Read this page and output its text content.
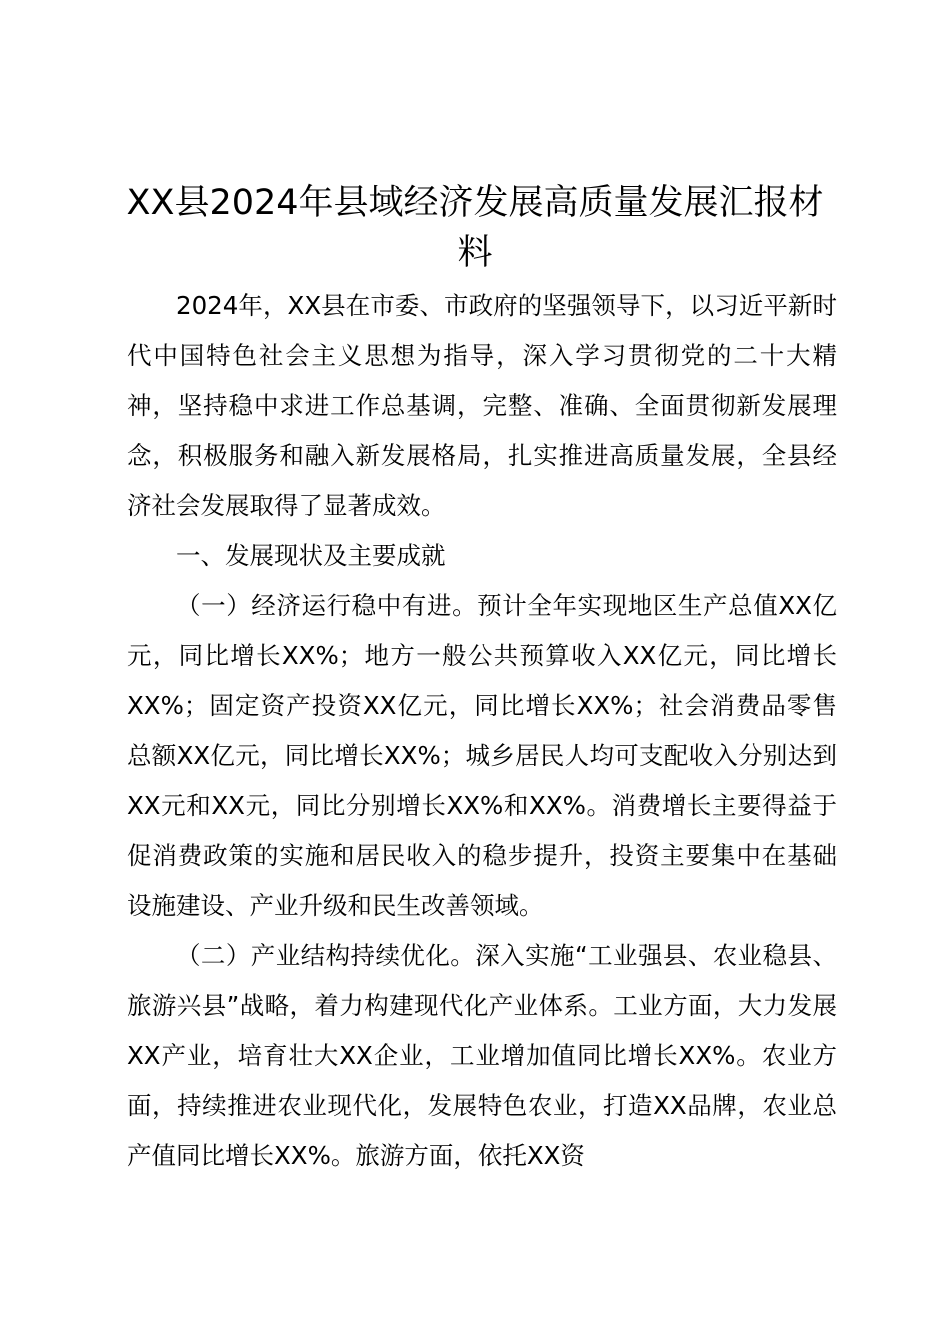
XX县2024年县域经济发展高质量发展汇报材料

2024年，XX县在市委、市政府的坚强领导下，以习近平新时代中国特色社会主义思想为指导，深入学习贯彻党的二十大精神，坚持稳中求进工作总基调，完整、准确、全面贯彻新发展理念，积极服务和融入新发展格局，扎实推进高质量发展，全县经济社会发展取得了显著成效。

一、发展现状及主要成就

（一）经济运行稳中有进。预计全年实现地区生产总值XX亿元，同比增长XX%；地方一般公共预算收入XX亿元，同比增长XX%；固定资产投资XX亿元，同比增长XX%；社会消费品零售总额XX亿元，同比增长XX%；城乡居民人均可支配收入分别达到XX元和XX元，同比分别增长XX%和XX%。消费增长主要得益于促消费政策的实施和居民收入的稳步提升，投资主要集中在基础设施建设、产业升级和民生改善领域。

（二）产业结构持续优化。深入实施“工业强县、农业稳县、旅游兴县”战略，着力构建现代化产业体系。工业方面，大力发展XX产业，培育壮大XX企业，工业增加值同比增长XX%。农业方面，持续推进农业现代化，发展特色农业，打造XX品牌，农业总产值同比增长XX%。旅游方面，依托XX资
